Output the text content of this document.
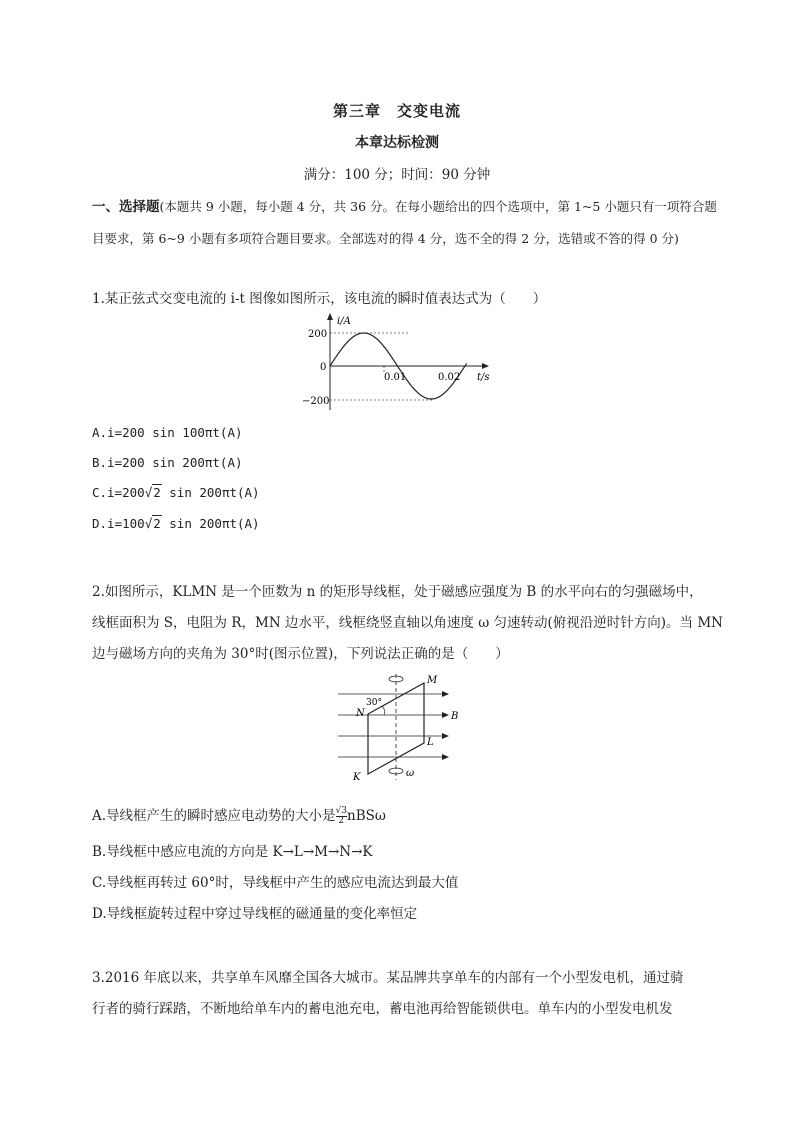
第三章　交变电流
本章达标检测
满分：100 分；时间：90 分钟
一、选择题(本题共 9 小题，每小题 4 分，共 36 分。在每小题给出的四个选项中，第 1~5 小题只有一项符合题目要求，第 6~9 小题有多项符合题目要求。全部选对的得 4 分，选不全的得 2 分，选错或不答的得 0 分)
1.某正弦式交变电流的 i-t 图像如图所示，该电流的瞬时值表达式为（　　）
i/A
200
0
−200
0.01	0.02 t/s
A.i=200 sin 100πt(A)
B.i=200 sin 200πt(A)
C.i=200√2 sin 200πt(A)
D.i=100√2 sin 200πt(A)
2.如图所示，KLMN 是一个匝数为 n 的矩形导线框，处于磁感应强度为 B 的水平向右的匀强磁场中，
线框面积为 S，电阻为 R，MN 边水平，线框绕竖直轴以角速度 ω 匀速转动(俯视沿逆时针方向)。当 MN
边与磁场方向的夹角为 30°时(图示位置)，下列说法正确的是（　　）
M
N
L
K
B
30°
ω
A.导线框产生的瞬时感应电动势的大小是 $\frac{√3}{2}$ nBSω
B.导线框中感应电流的方向是 K→L→M→N→K
C.导线框再转过 60°时，导线框中产生的感应电流达到最大值
D.导线框旋转过程中穿过导线框的磁通量的变化率恒定
3.2016 年底以来，共享单车风靡全国各大城市。某品牌共享单车的内部有一个小型发电机，通过骑
行者的骑行踩踏，不断地给单车内的蓄电池充电，蓄电池再给智能锁供电。单车内的小型发电机发
